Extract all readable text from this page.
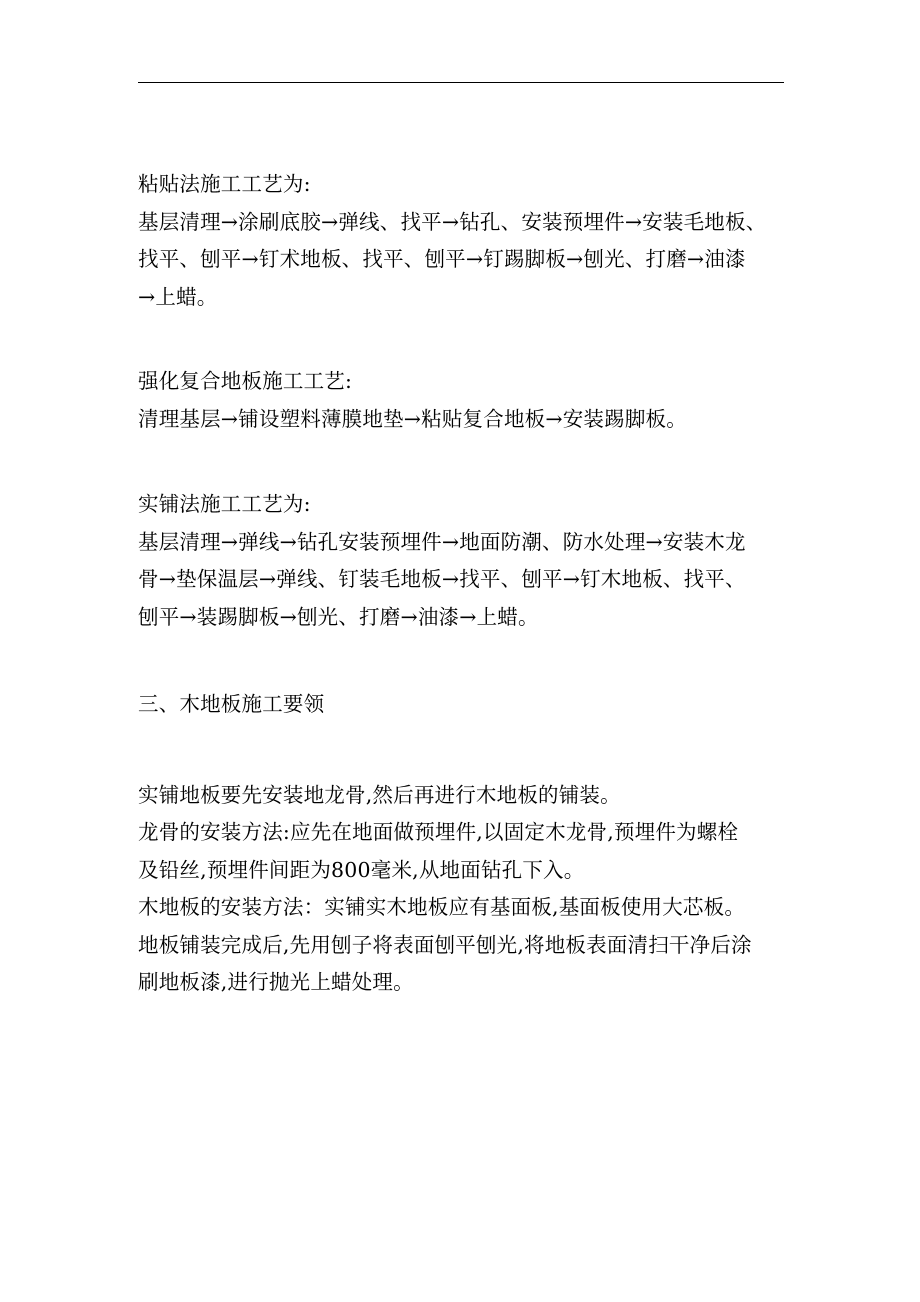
粘贴法施工工艺为:

基层清理→涂刷底胶→弹线、找平→钻孔、安装预埋件→安装毛地板、
找平、刨平→钉术地板、找平、刨平→钉踢脚板→刨光、打磨→油漆
→上蜡。

强化复合地板施工工艺:

清理基层→铺设塑料薄膜地垫→粘贴复合地板→安装踢脚板。

实铺法施工工艺为:

基层清理→弹线→钻孔安装预埋件→地面防潮、防水处理→安装木龙
骨→垫保温层→弹线、钉装毛地板→找平、刨平→钉木地板、找平、
刨平→装踢脚板→刨光、打磨→油漆→上蜡。

三、木地板施工要领

实铺地板要先安装地龙骨,然后再进行木地板的铺装。
龙骨的安装方法:应先在地面做预埋件,以固定木龙骨,预埋件为螺栓
及铅丝,预埋件间距为800毫米,从地面钻孔下入。
木地板的安装方法：实铺实木地板应有基面板,基面板使用大芯板。
地板铺装完成后,先用刨子将表面刨平刨光,将地板表面清扫干净后涂
刷地板漆,进行抛光上蜡处理。
